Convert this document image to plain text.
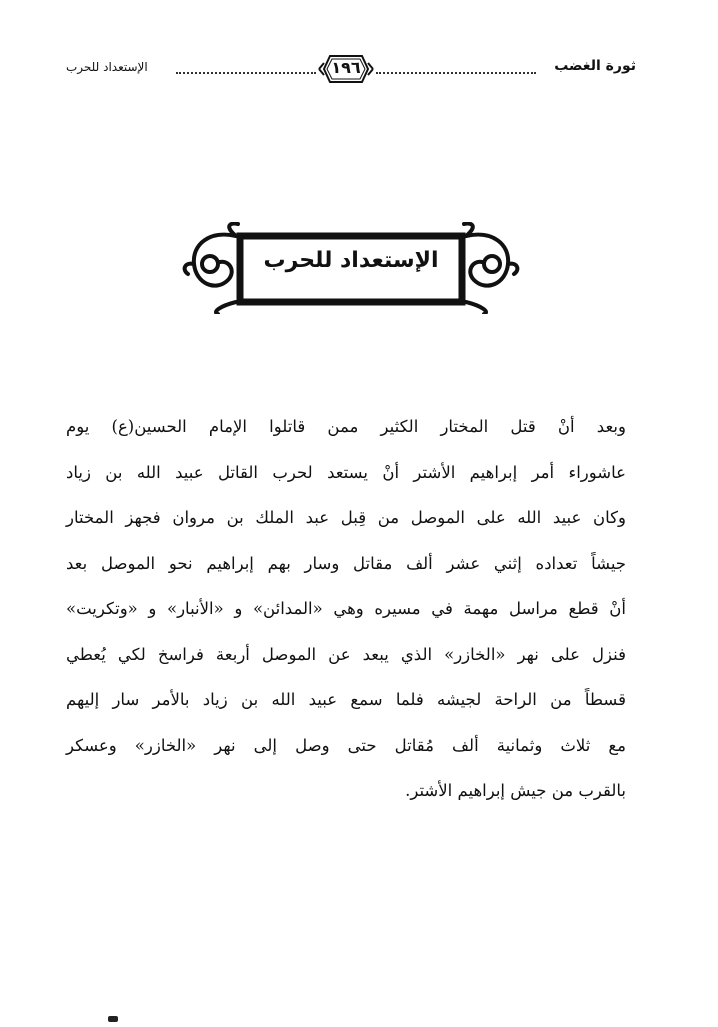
ثورة الغضب
١٩٦
الإستعداد للحرب
الإستعداد للحرب
وبعد أنْ قتل المختار الكثير ممن قاتلوا الإمام الحسين(ع) يوم
عاشوراء أمر إبراهيم الأشتر أنْ يستعد لحرب القاتل عبيد الله بن زياد
وكان عبيد الله على الموصل من قِبل عبد الملك بن مروان فجهز المختار
جيشاً تعداده إثني عشر ألف مقاتل وسار بهم إبراهيم نحو الموصل بعد
أنْ قطع مراسل مهمة في مسيره وهي «المدائن» و «الأنبار» و «وتكريت»
فنزل على نهر «الخازر» الذي يبعد عن الموصل أربعة فراسخ لكي يُعطي
قسطاً من الراحة لجيشه فلما سمع عبيد الله بن زياد بالأمر سار إليهم
مع ثلاث وثمانية ألف مُقاتل حتى وصل إلى نهر «الخازر» وعسكر
بالقرب من جيش إبراهيم الأشتر.
